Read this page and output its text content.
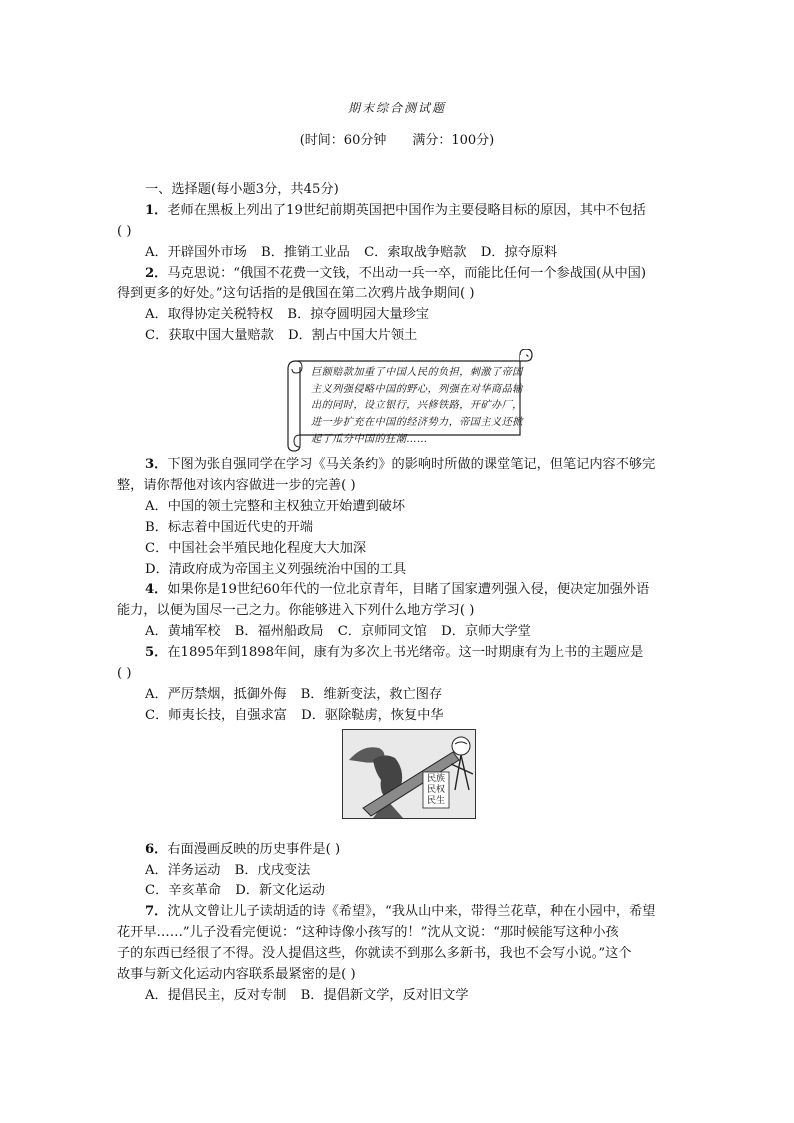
期末综合测试题
(时间：60分钟 满分：100分)
一、选择题(每小题3分，共45分)
1．老师在黑板上列出了19世纪前期英国把中国作为主要侵略目标的原因，其中不包括
( )
A．开辟国外市场 B．推销工业品 C．索取战争赔款 D．掠夺原料
2．马克思说：“俄国不花费一文钱，不出动一兵一卒，而能比任何一个参战国(从中国)
得到更多的好处。”这句话指的是俄国在第二次鸦片战争期间( )
A．取得协定关税特权 B．掠夺圆明园大量珍宝
C．获取中国大量赔款 D．割占中国大片领土
巨额赔款加重了中国人民的负担，刺激了帝国主义列强侵略中国的野心，列强在对华商品输出的同时，设立银行，兴修铁路，开矿办厂，进一步扩充在中国的经济势力，帝国主义还掀起了瓜分中国的狂潮……
3．下图为张自强同学在学习《马关条约》的影响时所做的课堂笔记，但笔记内容不够完
整，请你帮他对该内容做进一步的完善( )
A．中国的领土完整和主权独立开始遭到破坏
B．标志着中国近代史的开端
C．中国社会半殖民地化程度大大加深
D．清政府成为帝国主义列强统治中国的工具
4．如果你是19世纪60年代的一位北京青年，目睹了国家遭列强入侵，便决定加强外语
能力，以便为国尽一己之力。你能够进入下列什么地方学习( )
A．黄埔军校 B．福州船政局 C．京师同文馆 D．京师大学堂
5．在1895年到1898年间，康有为多次上书光绪帝。这一时期康有为上书的主题应是
( )
A．严厉禁烟，抵御外侮 B．维新变法，救亡图存
C．师夷长技，自强求富 D．驱除鞑虏，恢复中华
民族民权民生
6．右面漫画反映的历史事件是( )
A．洋务运动 B．戊戌变法
C．辛亥革命 D．新文化运动
7．沈从文曾让儿子读胡适的诗《希望》，“我从山中来，带得兰花草，种在小园中，希望
花开早……”儿子没看完便说：“这种诗像小孩写的！”沈从文说：“那时候能写这种小孩
子的东西已经很了不得。没人提倡这些，你就读不到那么多新书，我也不会写小说。”这个
故事与新文化运动内容联系最紧密的是( )
A．提倡民主，反对专制 B．提倡新文学，反对旧文学
